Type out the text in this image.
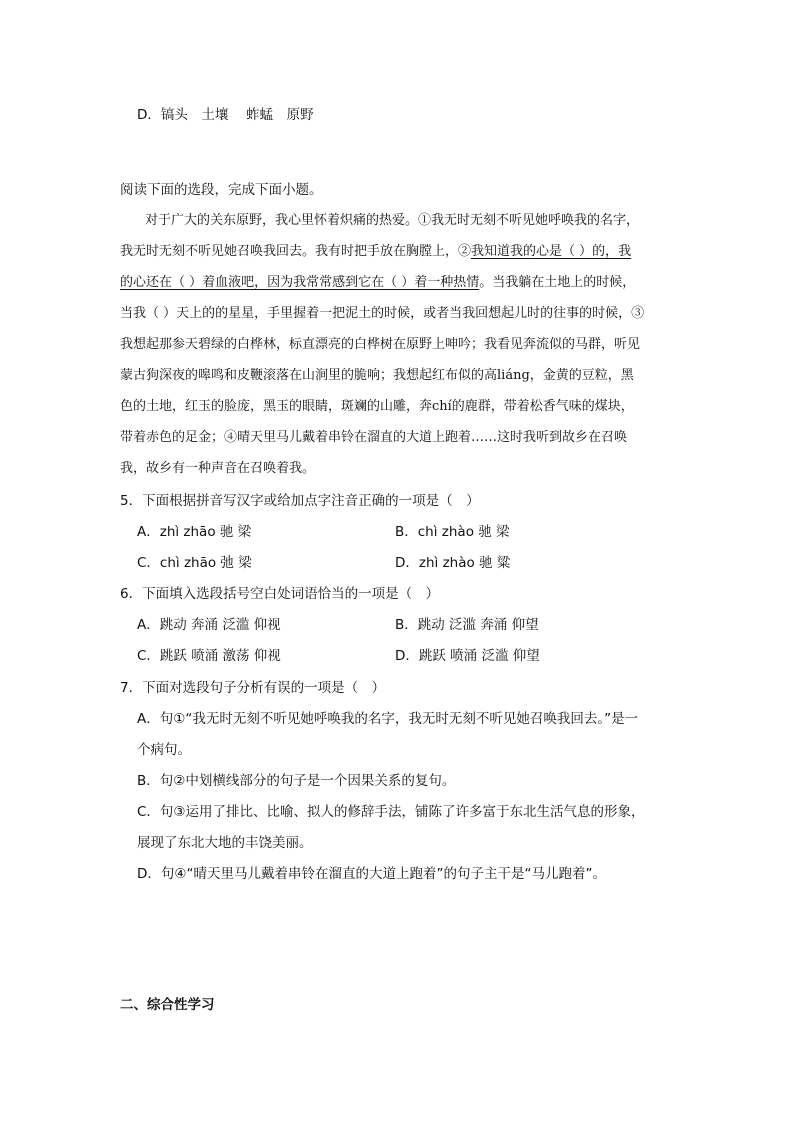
D．镐头　土壤　 蚱蜢　原野
阅读下面的选段，完成下面小题。
对于广大的关东原野，我心里怀着炽痛的热爱。①我无时无刻不听见她呼唤我的名字，
我无时无刻不听见她召唤我回去。我有时把手放在胸膛上，②我知道我的心是（ ）的，我
的心还在（ ）着血液吧，因为我常常感到它在（ ）着一种热情。当我躺在土地上的时候，
当我（ ）天上的的星星，手里握着一把泥土的时候，或者当我回想起儿时的往事的时候，③
我想起那参天碧绿的白桦林，标直漂亮的白桦树在原野上呻吟；我看见奔流似的马群，听见
蒙古狗深夜的嗥鸣和皮鞭滚落在山涧里的脆响；我想起红布似的高liáng，金黄的豆粒，黑
色的土地，红玉的脸庞，黑玉的眼睛，斑斓的山雕，奔chí的鹿群，带着松香气味的煤块，
带着赤色的足金；④晴天里马儿戴着串铃在溜直的大道上跑着……这时我听到故乡在召唤
我，故乡有一种声音在召唤着我。
5．下面根据拼音写汉字或给加点字注音正确的一项是（　）
A．zhì zhāo 驰 梁	B．chì zhào 驰 梁
C．chì zhāo 弛 梁	D．zhì zhào 驰 粱
6．下面填入选段括号空白处词语恰当的一项是（　）
A．跳动 奔涌 泛滥 仰视	B．跳动 泛滥 奔涌 仰望
C．跳跃 喷涌 激荡 仰视	D．跳跃 喷涌 泛滥 仰望
7．下面对选段句子分析有误的一项是（　）
A．句①“我无时无刻不听见她呼唤我的名字，我无时无刻不听见她召唤我回去。”是一
个病句。
B．句②中划横线部分的句子是一个因果关系的复句。
C．句③运用了排比、比喻、拟人的修辞手法，铺陈了许多富于东北生活气息的形象，
展现了东北大地的丰饶美丽。
D．句④“晴天里马儿戴着串铃在溜直的大道上跑着”的句子主干是“马儿跑着”。
二、综合性学习
